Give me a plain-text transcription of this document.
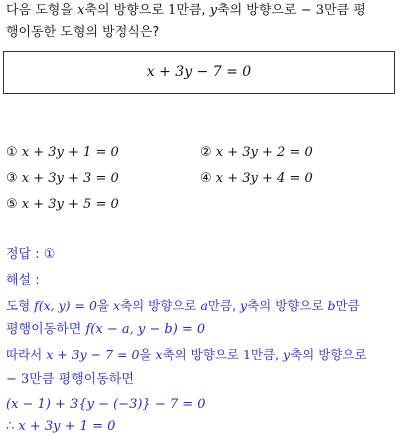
다음 도형을 x축의 방향으로 1만큼, y축의 방향으로 − 3만큼 평
행이동한 도형의 방정식은?
x + 3y − 7 = 0
① x + 3y + 1 = 0	② x + 3y + 2 = 0
③ x + 3y + 3 = 0	④ x + 3y + 4 = 0
⑤ x + 3y + 5 = 0
정답 : ①
해설 :
도형 f(x, y) = 0을 x축의 방향으로 a만큼, y축의 방향으로 b만큼
평행이동하면 f(x − a, y − b) = 0
따라서 x + 3y − 7 = 0을 x축의 방향으로 1만큼, y축의 방향으로
− 3만큼 평행이동하면
(x − 1) + 3{y − (−3)} − 7 = 0
∴ x + 3y + 1 = 0
